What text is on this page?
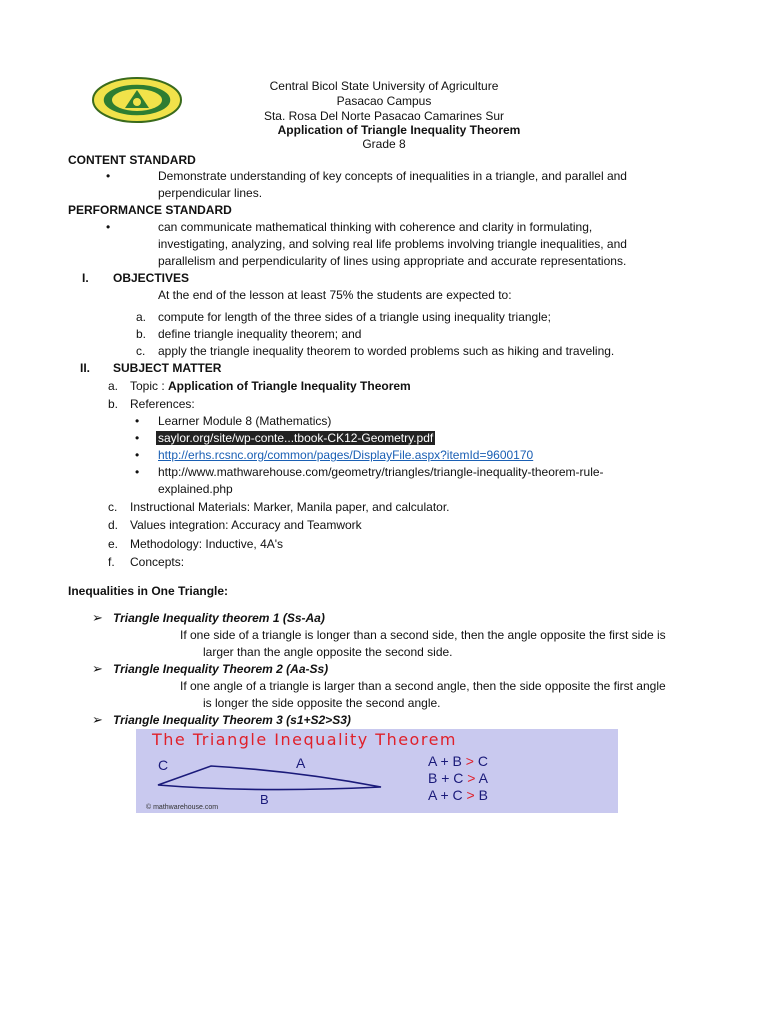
Central Bicol State University of Agriculture
Pasacao Campus
Sta. Rosa Del Norte Pasacao Camarines Sur
Application of Triangle Inequality Theorem
Grade 8
CONTENT STANDARD
•	Demonstrate understanding of key concepts of inequalities in a triangle, and parallel and
perpendicular lines.
PERFORMANCE STANDARD
•	can communicate mathematical thinking with coherence and clarity in formulating,
investigating, analyzing, and solving real life problems involving triangle inequalities, and
parallelism and perpendicularity of lines using appropriate and accurate representations.
I. OBJECTIVES
At the end of the lesson at least 75% the students are expected to:
a. compute for length of the three sides of a triangle using inequality triangle;
b. define triangle inequality theorem; and
c. apply the triangle inequality theorem to worded problems such as hiking and traveling.
II. SUBJECT MATTER
a. Topic : Application of Triangle Inequality Theorem
b. References:
• Learner Module 8 (Mathematics)
• saylor.org/site/wp-conte...tbook-CK12-Geometry.pdf
• http://erhs.rcsnc.org/common/pages/DisplayFile.aspx?itemId=9600170
• http://www.mathwarehouse.com/geometry/triangles/triangle-inequality-theorem-rule-
explained.php
c. Instructional Materials: Marker, Manila paper, and calculator.
d. Values integration: Accuracy and Teamwork
e. Methodology: Inductive, 4A's
f. Concepts:
Inequalities in One Triangle:
➢ Triangle Inequality theorem 1 (Ss-Aa)
If one side of a triangle is longer than a second side, then the angle opposite the first side is
larger than the angle opposite the second side.
➢ Triangle Inequality Theorem 2 (Aa-Ss)
If one angle of a triangle is larger than a second angle, then the side opposite the first angle
is longer the side opposite the second angle.
➢ Triangle Inequality Theorem 3 (s1+S2>S3)
The Triangle Inequality Theorem
C	A
B
A + B > C
B + C > A
A + C > B
© mathwarehouse.com
